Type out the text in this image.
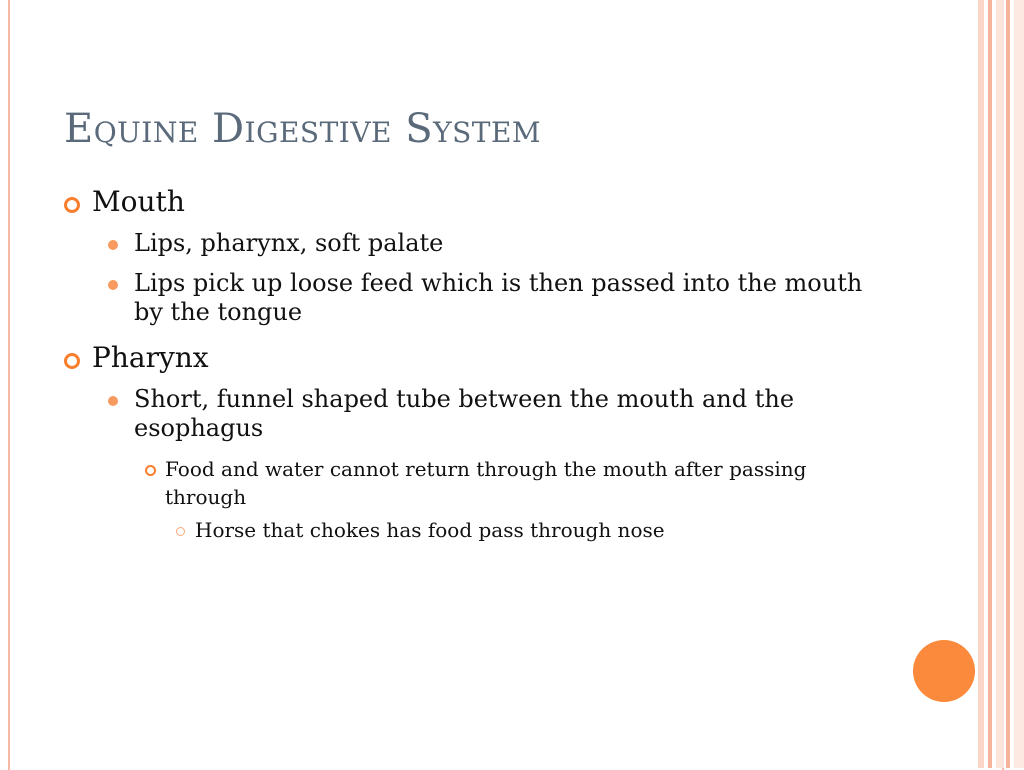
Equine Digestive System
Mouth
Lips, pharynx, soft palate
Lips pick up loose feed which is then passed into the mouth by the tongue
Pharynx
Short, funnel shaped tube between the mouth and the esophagus
Food and water cannot return through the mouth after passing through
Horse that chokes has food pass through nose
